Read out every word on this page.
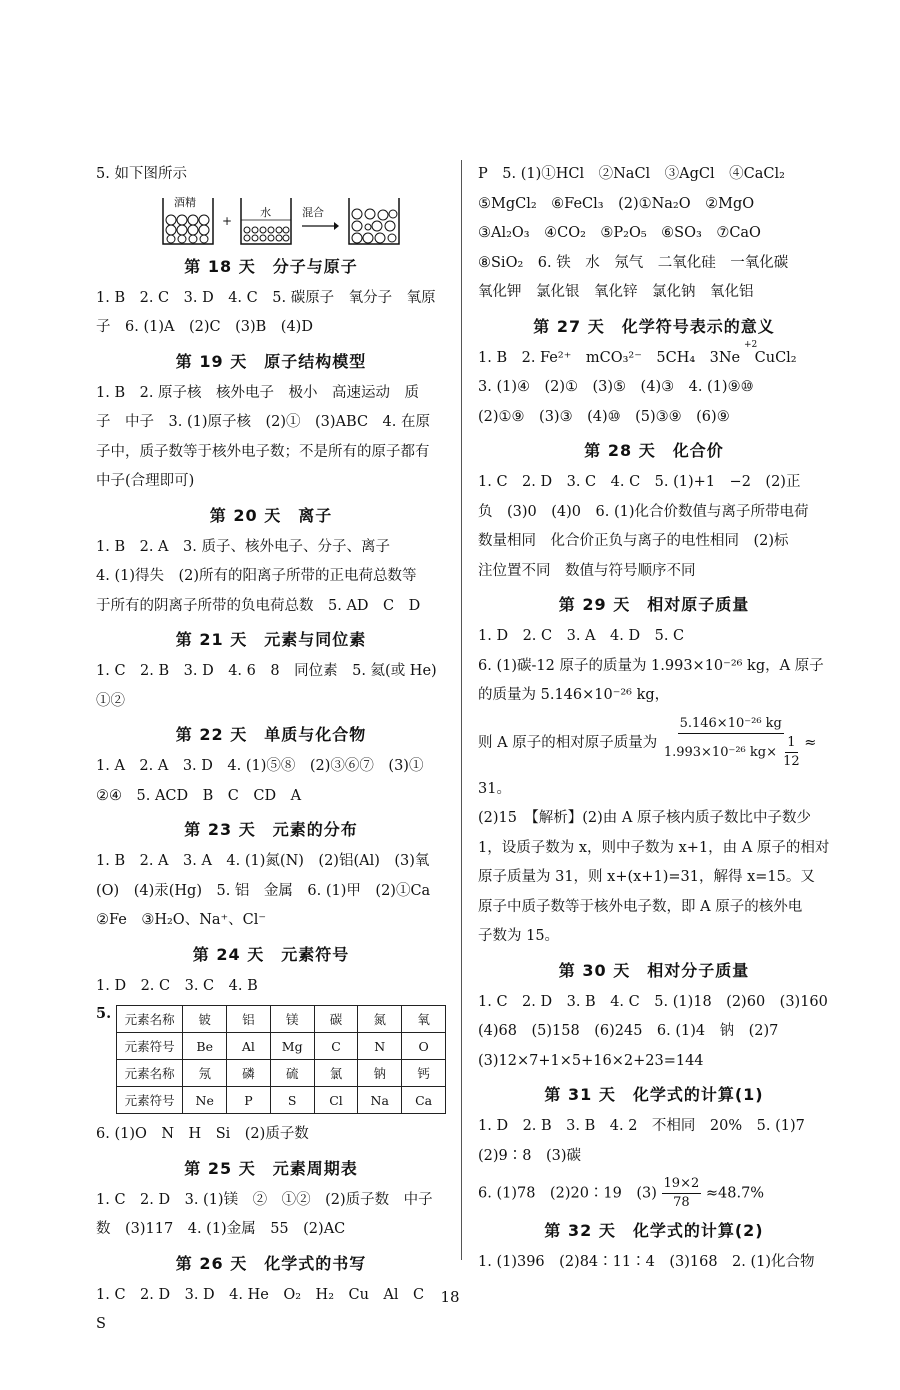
5. 如下图所示

酒精
+
水	混合
第 18 天　分子与原子

1. B　2. C　3. D　4. C　5. 碳原子　氧分子　氧原

子　6. (1)A　(2)C　(3)B　(4)D

第 19 天　原子结构模型

1. B　2. 原子核　核外电子　极小　高速运动　质

子　中子　3. (1)原子核　(2)①　(3)ABC　4. 在原

子中，质子数等于核外电子数；不是所有的原子都有

中子(合理即可)

第 20 天　离子

1. B　2. A　3. 质子、核外电子、分子、离子

4. (1)得失　(2)所有的阳离子所带的正电荷总数等

于所有的阴离子所带的负电荷总数　5. AD　C　D

第 21 天　元素与同位素

1. C　2. B　3. D　4. 6　8　同位素　5. 氦(或 He)　①②

第 22 天　单质与化合物

1. A　2. A　3. D　4. (1)⑤⑧　(2)③⑥⑦　(3)①

②④　5. ACD　B　C　CD　A

第 23 天　元素的分布

1. B　2. A　3. A　4. (1)氮(N)　(2)铝(Al)　(3)氧

(O)　(4)汞(Hg)　5. 铝　金属　6. (1)甲　(2)①Ca

②Fe　③H₂O、Na⁺、Cl⁻

第 24 天　元素符号

1. D　2. C　3. C　4. B

5. 元素名称	铍	铝	镁	碳	氮	氧
元素符号	Be	Al	Mg	C	N	O
元素名称	氖	磷	硫	氯	钠	钙
元素符号	Ne	P	S	Cl	Na	Ca

6. (1)O　N　H　Si　(2)质子数

第 25 天　元素周期表

1. C　2. D　3. (1)镁　②　①②　(2)质子数　中子

数　(3)117　4. (1)金属　55　(2)AC

第 26 天　化学式的书写

1. C　2. D　3. D　4. He　O₂　H₂　Cu　Al　C　S

P　5. (1)①HCl　②NaCl　③AgCl　④CaCl₂

⑤MgCl₂　⑥FeCl₃　(2)①Na₂O　②MgO

③Al₂O₃　④CO₂　⑤P₂O₅　⑥SO₃　⑦CaO

⑧SiO₂　6. 铁　水　氖气　二氧化硅　一氧化碳

氧化钾　氯化银　氧化锌　氯化钠　氧化铝

第 27 天　化学符号表示的意义

1. B　2. Fe²⁺　mCO₃²⁻　5CH₄　3Ne　CuCl₂

+2

3. (1)④　(2)①　(3)⑤　(4)③　4. (1)⑨⑩

(2)①⑨　(3)③　(4)⑩　(5)③⑨　(6)⑨

第 28 天　化合价

1. C　2. D　3. C　4. C　5. (1)+1　−2　(2)正

负　(3)0　(4)0　6. (1)化合价数值与离子所带电荷

数量相同　化合价正负与离子的电性相同　(2)标

注位置不同　数值与符号顺序不同

第 29 天　相对原子质量

1. D　2. C　3. A　4. D　5. C

6. (1)碳-12 原子的质量为 1.993×10⁻²⁶ kg，A 原子

的质量为 5.146×10⁻²⁶ kg，

则 A 原子的相对原子质量为 $\frac{\text{5.146×10⁻²⁶ kg}}{1.993\times 10^{-26} kg\times \frac{1}{12}}$ ≈

31。

(2)15　【解析】(2)由 A 原子核内质子数比中子数少

1，设质子数为 x，则中子数为 x+1，由 A 原子的相对

原子质量为 31，则 x+(x+1)=31，解得 x=15。又

原子中质子数等于核外电子数，即 A 原子的核外电

子数为 15。

第 30 天　相对分子质量

1. C　2. D　3. B　4. C　5. (1)18　(2)60　(3)160

(4)68　(5)158　(6)245　6. (1)4　钠　(2)7

(3)12×7+1×5+16×2+23=144

第 31 天　化学式的计算(1)

1. D　2. B　3. B　4. 2　不相同　20%　5. (1)7

(2)9∶8　(3)碳

6. (1)78　(2)20∶19　$(3) \frac{19\times 2}{78} \approx 48.7\%$
第 32 天　化学式的计算(2)

1. (1)396　(2)84∶11∶4　(3)168　2. (1)化合物

18
